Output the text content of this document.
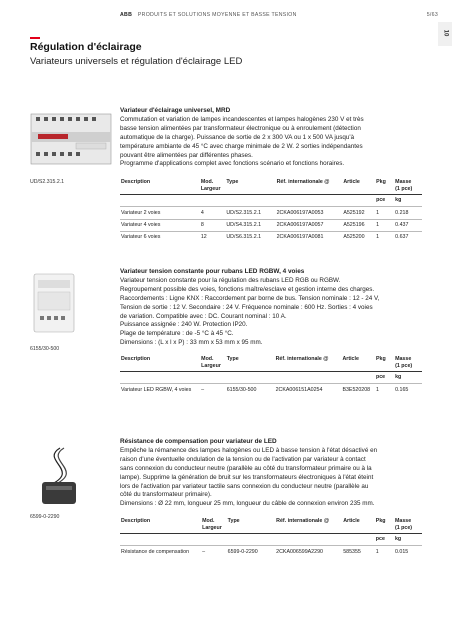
ABB PRODUITS ET SOLUTIONS MOYENNE ET BASSE TENSION	5/63
10
Régulation d'éclairage
Variateurs universels et régulation d'éclairage LED
UD/S2.315.2.1
Variateur d'éclairage universel, MRD
Commutation et variation de lampes incandescentes et lampes halogènes 230 V et très
basse tension alimentées par transformateur électronique ou à enroulement (détection
automatique de la charge). Puissance de sortie de 2 x 300 VA ou 1 x 500 VA jusqu'à
température ambiante de 45 °C avec charge minimale de 2 W. 2 sorties indépendantes
pouvant être alimentées par différentes phases.
Programme d'applications complet avec fonctions scénario et fonctions horaires.
Description	Mod.
Largeur	Type	Réf. internationale @	Article	Pkg	Masse
(1 pce)
					pce	kg
Variateur 2 voies	4	UD/S2.315.2.1	2CKA006197A0053	A525192	1	0.218
Variateur 4 voies	8	UD/S4.315.2.1	2CKA006197A0057	A525196	1	0.437
Variateur 6 voies	12	UD/S6.315.2.1	2CKA006197A0081	A525200	1	0.637
6155/30-500
Variateur tension constante pour rubans LED RGBW, 4 voies
Variateur tension constante pour la régulation des rubans LED RGB ou RGBW.
Regroupement possible des voies, fonctions maître/esclave et gestion interne des charges.
Raccordements : Ligne KNX : Raccordement par borne de bus. Tension nominale : 12 - 24 V,
Tension de sortie : 12 V. Secondaire : 24 V. Fréquence nominale : 600 Hz. Sorties : 4 voies
de variation. Compatible avec : DC. Courant nominal : 10 A.
Puissance assignée : 240 W. Protection IP20.
Plage de température : de -5 °C à 45 °C.
Dimensions : (L x l x P) : 33 mm x 53 mm x 95 mm.
Description	Mod.
Largeur	Type	Réf. internationale @	Article	Pkg	Masse
(1 pce)
					pce	kg
Variateur LED RGBW, 4 voies	–	6155/30-500	2CKA006151A0254	B3E520208	1	0.165
6599-0-2290
Résistance de compensation pour variateur de LED
Empêche la rémanence des lampes halogènes ou LED à basse tension à l'état désactivé en
raison d'une éventuelle ondulation de la tension ou de l'activation par variateur à contact
sans connexion du conducteur neutre (parallèle au côté du transformateur primaire ou à la
lampe). Supprime la génération de bruit sur les transformateurs électroniques à l'état éteint
lors de l'activation par variateur tactile sans connexion du conducteur neutre (parallèle au
côté du transformateur primaire).
Dimensions : Ø 22 mm, longueur 25 mm, longueur du câble de connexion environ 235 mm.
Description	Mod.
Largeur	Type	Réf. internationale @	Article	Pkg	Masse
(1 pce)
					pce	kg
Résistance de compensation	–	6599-0-2290	2CKA006599A2290	585355	1	0.015
